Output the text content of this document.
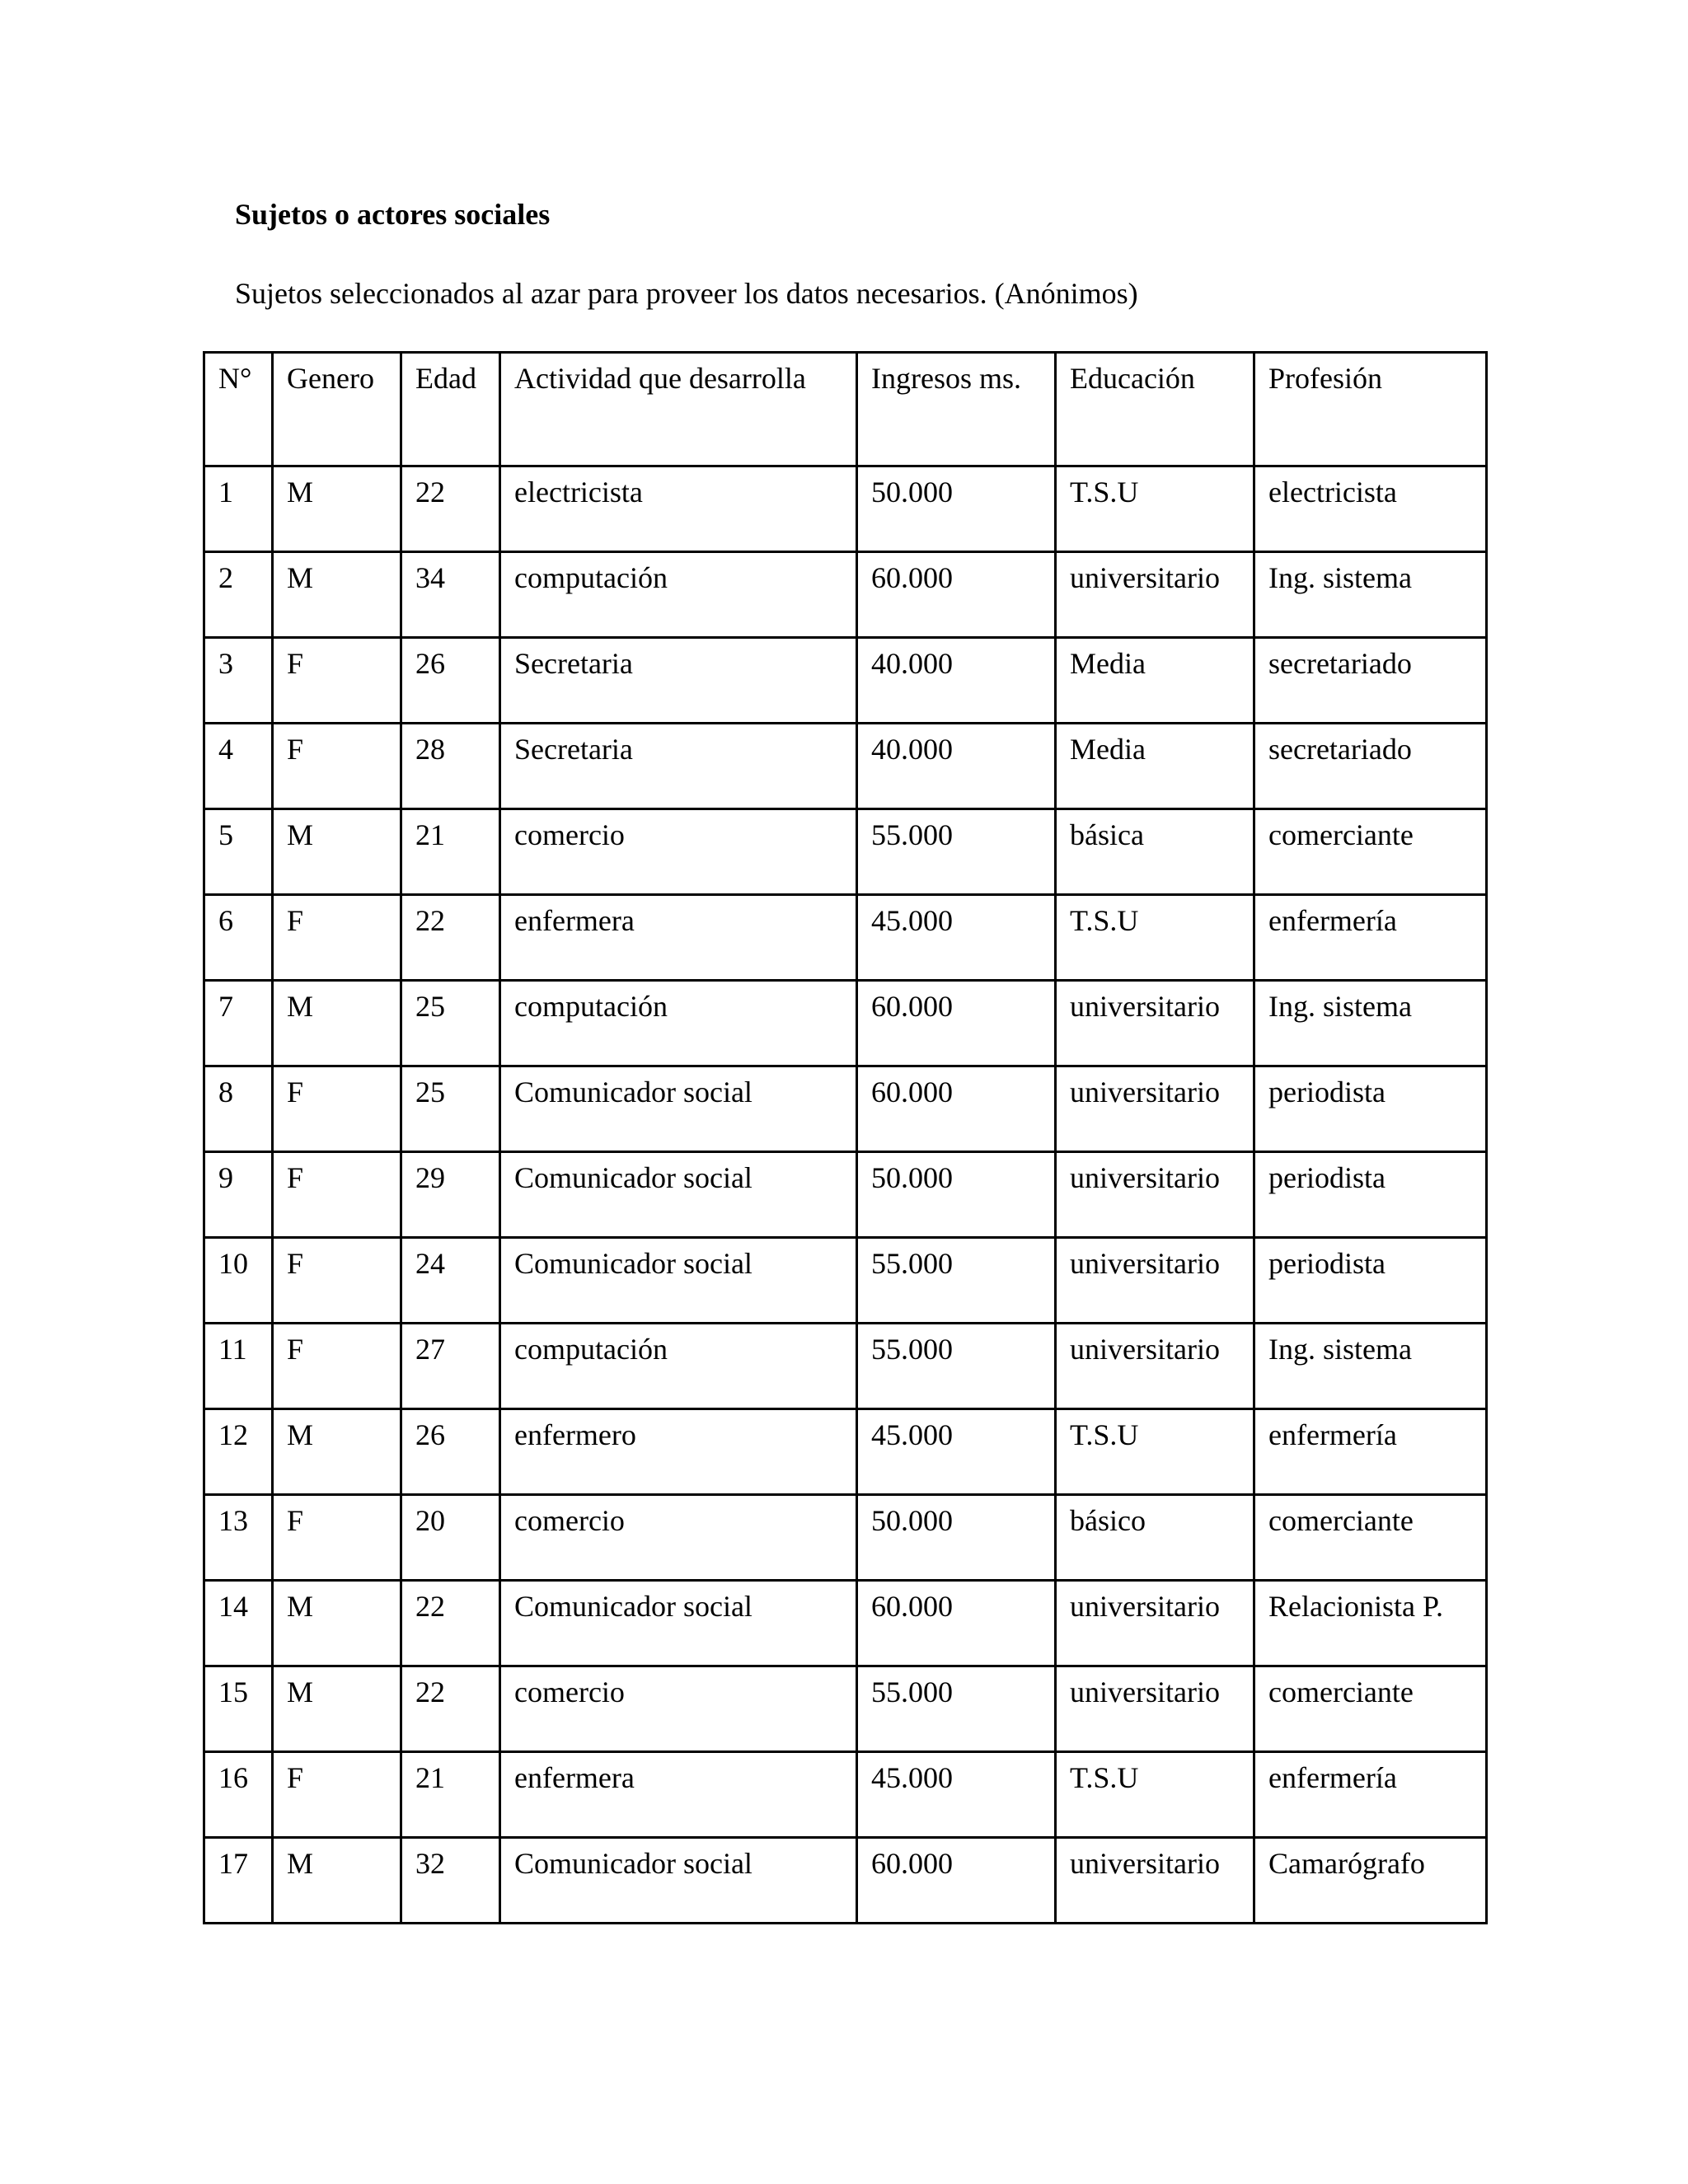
Sujetos o actores sociales
Sujetos seleccionados al azar para proveer los datos necesarios. (Anónimos)
N°	Genero	Edad	Actividad que desarrolla	Ingresos ms.	Educación	Profesión
1	M	22	electricista	50.000	T.S.U	electricista
2	M	34	computación	60.000	universitario	Ing. sistema
3	F	26	Secretaria	40.000	Media	secretariado
4	F	28	Secretaria	40.000	Media	secretariado
5	M	21	comercio	55.000	básica	comerciante
6	F	22	enfermera	45.000	T.S.U	enfermería
7	M	25	computación	60.000	universitario	Ing. sistema
8	F	25	Comunicador social	60.000	universitario	periodista
9	F	29	Comunicador social	50.000	universitario	periodista
10	F	24	Comunicador social	55.000	universitario	periodista
11	F	27	computación	55.000	universitario	Ing. sistema
12	M	26	enfermero	45.000	T.S.U	enfermería
13	F	20	comercio	50.000	básico	comerciante
14	M	22	Comunicador social	60.000	universitario	Relacionista P.
15	M	22	comercio	55.000	universitario	comerciante
16	F	21	enfermera	45.000	T.S.U	enfermería
17	M	32	Comunicador social	60.000	universitario	Camarógrafo
